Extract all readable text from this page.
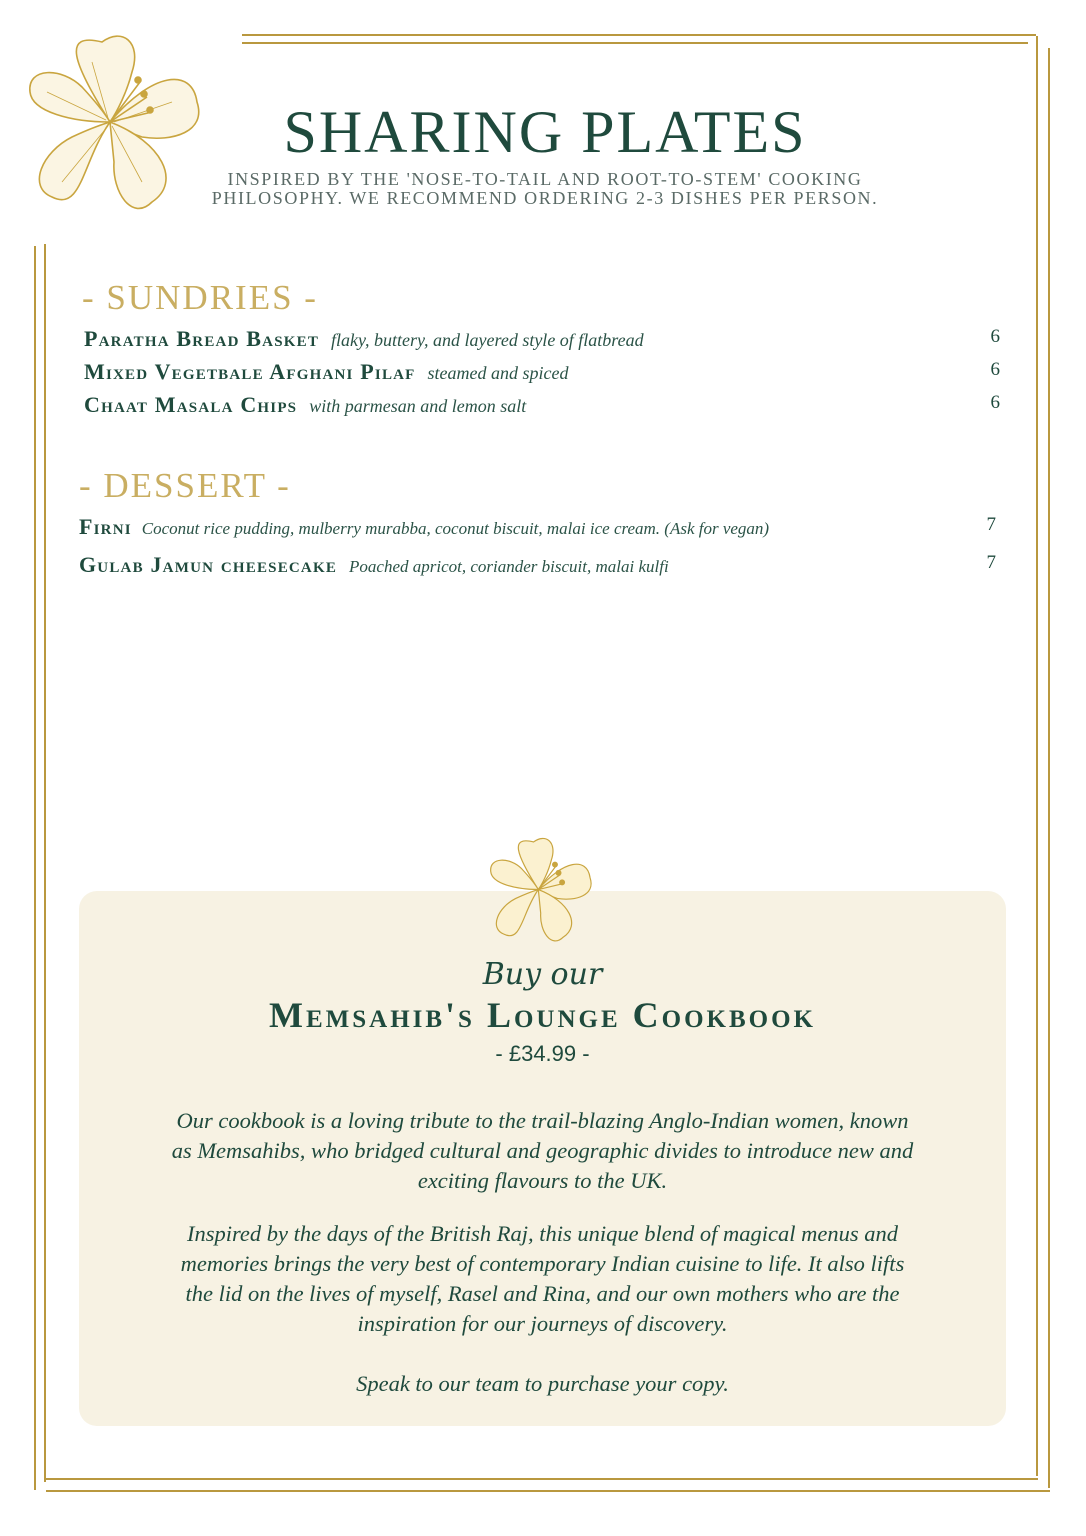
SHARING PLATES
INSPIRED BY THE 'NOSE-TO-TAIL AND ROOT-TO-STEM' COOKING
PHILOSOPHY. WE RECOMMEND ORDERING 2-3 DISHES PER PERSON.
- SUNDRIES -
Paratha Bread Basket flaky, buttery, and layered style of flatbread	6
Mixed Vegetbale Afghani Pilaf steamed and spiced	6
Chaat Masala Chips with parmesan and lemon salt	6
- DESSERT -
Firni Coconut rice pudding, mulberry murabba, coconut biscuit, malai ice cream. (Ask for vegan)	7
Gulab Jamun cheesecake Poached apricot, coriander biscuit, malai kulfi	7
Buy our
Memsahib's Lounge Cookbook
- £34.99 -
Our cookbook is a loving tribute to the trail-blazing Anglo-Indian women, known
as Memsahibs, who bridged cultural and geographic divides to introduce new and
exciting flavours to the UK.
Inspired by the days of the British Raj, this unique blend of magical menus and
memories brings the very best of contemporary Indian cuisine to life. It also lifts
the lid on the lives of myself, Rasel and Rina, and our own mothers who are the
inspiration for our journeys of discovery.
Speak to our team to purchase your copy.
